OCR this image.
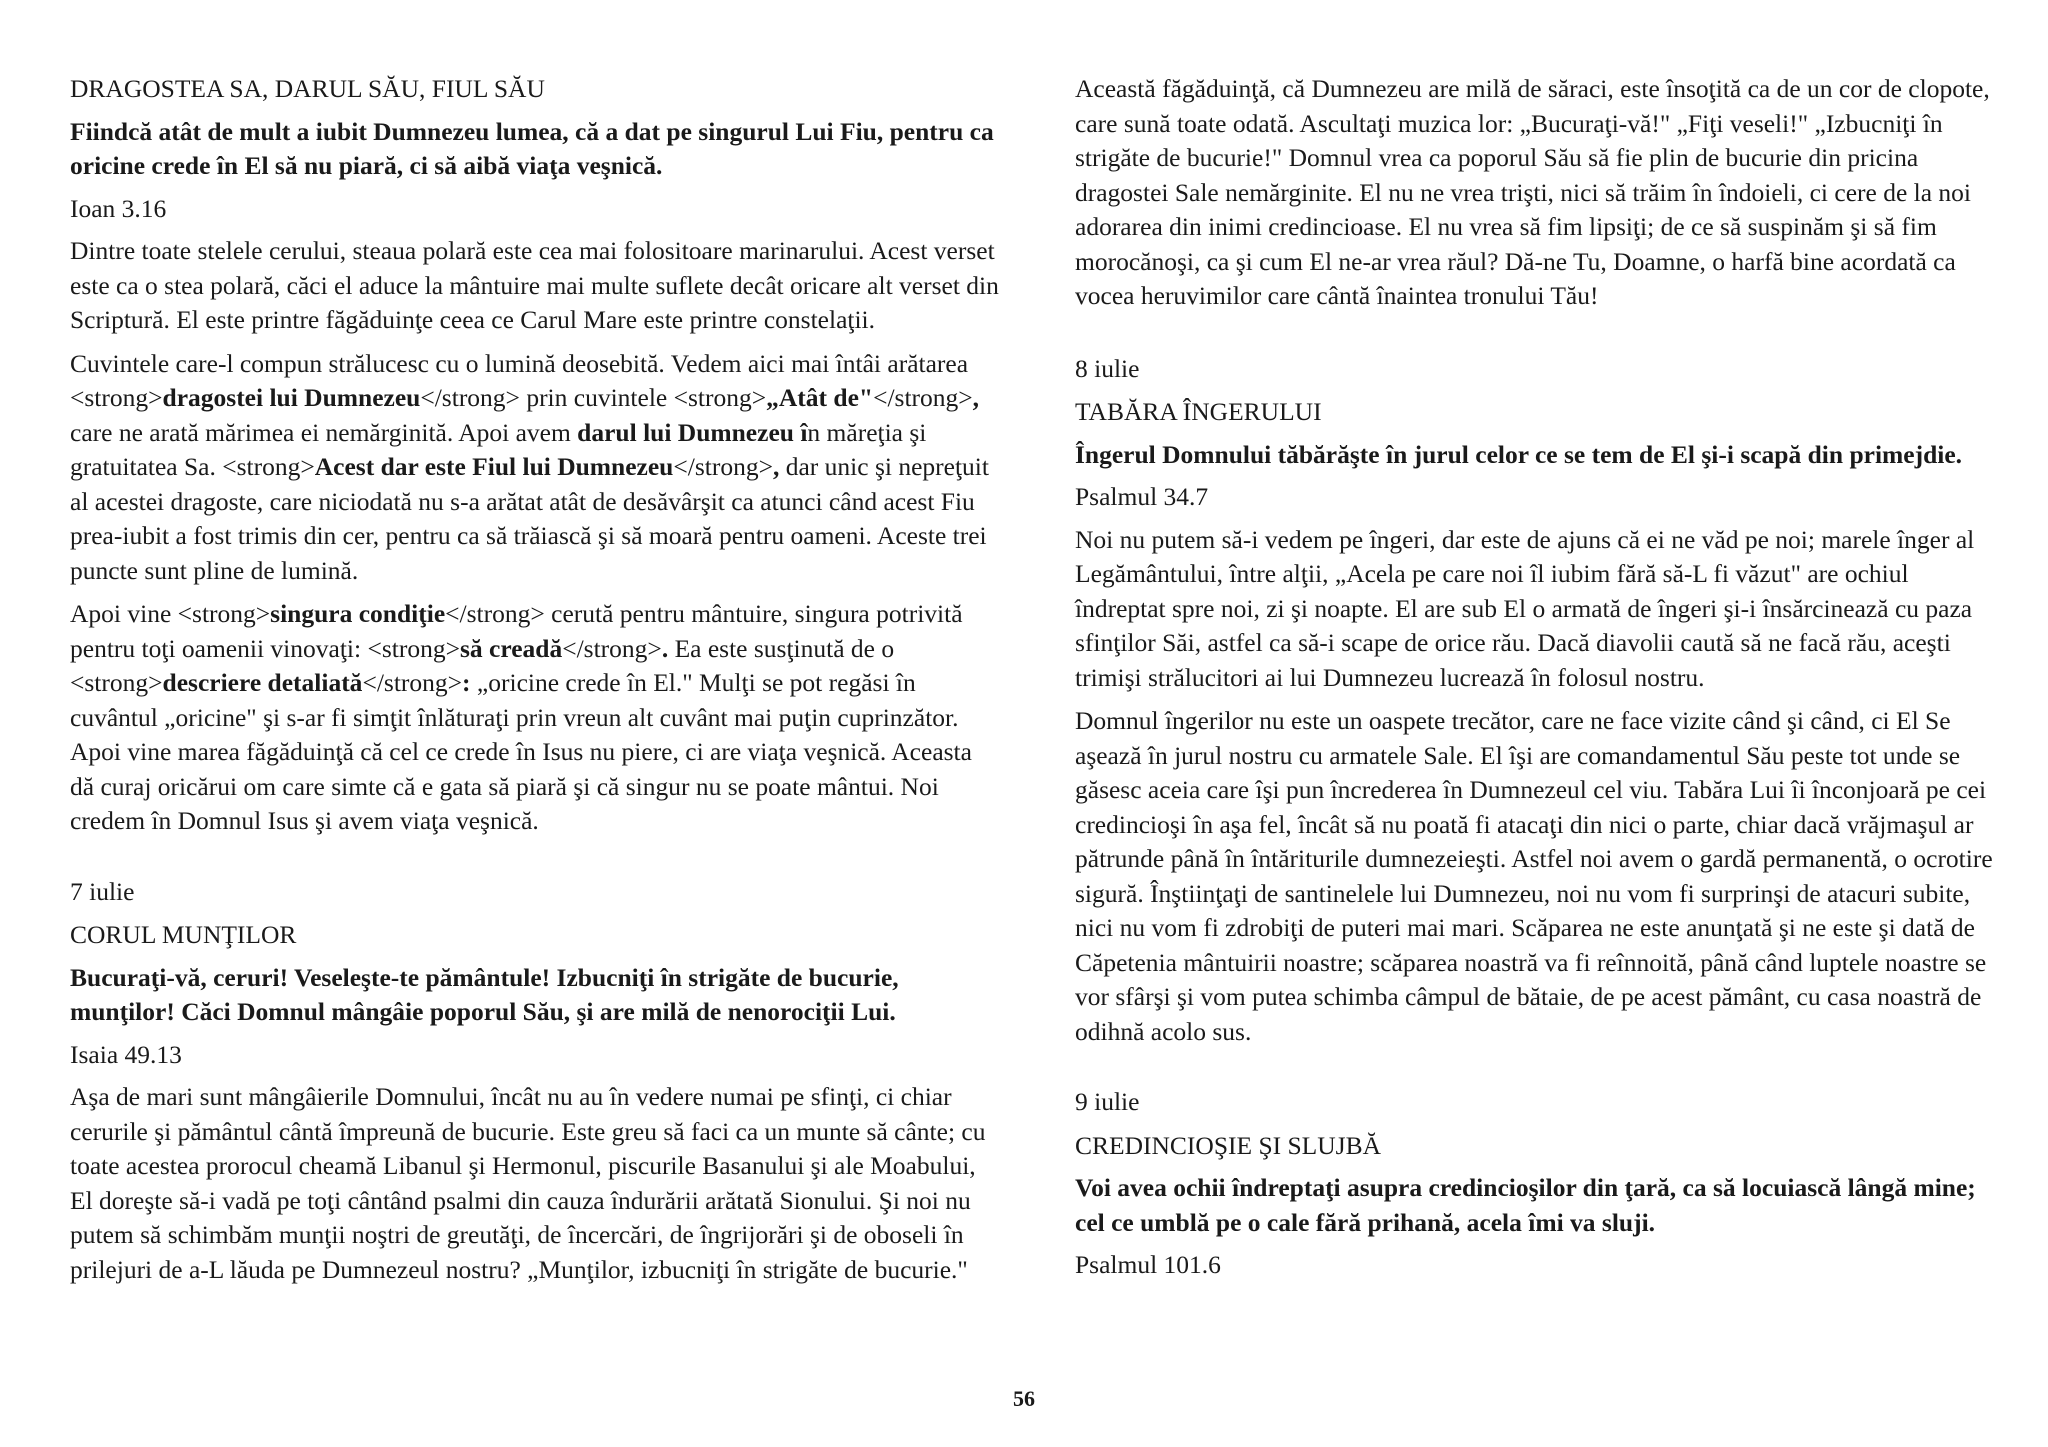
DRAGOSTEA SA, DARUL SĂU, FIUL SĂU

Fiindcă atât de mult a iubit Dumnezeu lumea, că a dat pe singurul Lui Fiu, pentru ca oricine crede în El să nu piară, ci să aibă viaţa veşnică.

Ioan 3.16

Dintre toate stelele cerului, steaua polară este cea mai folositoare marinarului. Acest verset este ca o stea polară, căci el aduce la mântuire mai multe suflete decât oricare alt verset din Scriptură. El este printre făgăduinţe ceea ce Carul Mare este printre constelaţii.

Cuvintele care-l compun strălucesc cu o lumină deosebită. Vedem aici mai întâi arătarea <strong>dragostei lui Dumnezeu</strong> prin cuvintele <strong>„Atât de"</strong>, care ne arată mărimea ei nemărginită. Apoi avem darul lui Dumnezeu în măreţia şi gratuitatea Sa. <strong>Acest dar este Fiul lui Dumnezeu</strong>, dar unic şi nepreţuit al acestei dragoste, care niciodată nu s-a arătat atât de desăvârşit ca atunci când acest Fiu prea-iubit a fost trimis din cer, pentru ca să trăiască şi să moară pentru oameni. Aceste trei puncte sunt pline de lumină.

Apoi vine <strong>singura condiţie</strong> cerută pentru mântuire, singura potrivită pentru toţi oamenii vinovaţi: <strong>să creadă</strong>. Ea este susţinută de o <strong>descriere detaliată</strong>: „oricine crede în El." Mulţi se pot regăsi în cuvântul „oricine" şi s-ar fi simţit înlăturaţi prin vreun alt cuvânt mai puţin cuprinzător. Apoi vine marea făgăduinţă că cel ce crede în Isus nu piere, ci are viaţa veşnică. Aceasta dă curaj oricărui om care simte că e gata să piară şi că singur nu se poate mântui. Noi credem în Domnul Isus şi avem viaţa veşnică.

7 iulie

CORUL MUNŢILOR

Bucuraţi-vă, ceruri! Veseleşte-te pământule! Izbucniţi în strigăte de bucurie, munţilor! Căci Domnul mângâie poporul Său, şi are milă de nenorociţii Lui.

Isaia 49.13

Aşa de mari sunt mângâierile Domnului, încât nu au în vedere numai pe sfinţi, ci chiar cerurile şi pământul cântă împreună de bucurie. Este greu să faci ca un munte să cânte; cu toate acestea prorocul cheamă Libanul şi Hermonul, piscurile Basanului şi ale Moabului, El doreşte să-i vadă pe toţi cântând psalmi din cauza îndurării arătată Sionului. Şi noi nu putem să schimbăm munţii noştri de greutăţi, de încercări, de îngrijorări şi de oboseli în prilejuri de a-L lăuda pe Dumnezeul nostru? „Munţilor, izbucniţi în strigăte de bucurie."

Această făgăduinţă, că Dumnezeu are milă de săraci, este însoţită ca de un cor de clopote, care sună toate odată. Ascultaţi muzica lor: „Bucuraţi-vă!" „Fiţi veseli!" „Izbucniţi în strigăte de bucurie!" Domnul vrea ca poporul Său să fie plin de bucurie din pricina dragostei Sale nemărginite. El nu ne vrea trişti, nici să trăim în îndoieli, ci cere de la noi adorarea din inimi credincioase. El nu vrea să fim lipsiţi; de ce să suspinăm şi să fim morocănoşi, ca şi cum El ne-ar vrea răul? Dă-ne Tu, Doamne, o harfă bine acordată ca vocea heruvimilor care cântă înaintea tronului Tău!

8 iulie

TABĂRA ÎNGERULUI

Îngerul Domnului tăbărăşte în jurul celor ce se tem de El şi-i scapă din primejdie.

Psalmul 34.7

Noi nu putem să-i vedem pe îngeri, dar este de ajuns că ei ne văd pe noi; marele înger al Legământului, între alţii, „Acela pe care noi îl iubim fără să-L fi văzut" are ochiul îndreptat spre noi, zi şi noapte. El are sub El o armată de îngeri şi-i însărcinează cu paza sfinţilor Săi, astfel ca să-i scape de orice rău. Dacă diavolii caută să ne facă rău, aceşti trimişi strălucitori ai lui Dumnezeu lucrează în folosul nostru.

Domnul îngerilor nu este un oaspete trecător, care ne face vizite când şi când, ci El Se aşează în jurul nostru cu armatele Sale. El îşi are comandamentul Său peste tot unde se găsesc aceia care îşi pun încrederea în Dumnezeul cel viu. Tabăra Lui îi înconjoară pe cei credincioşi în aşa fel, încât să nu poată fi atacaţi din nici o parte, chiar dacă vrăjmaşul ar pătrunde până în întăriturile dumnezeieşti. Astfel noi avem o gardă permanentă, o ocrotire sigură. Înştiinţaţi de santinelele lui Dumnezeu, noi nu vom fi surprinşi de atacuri subite, nici nu vom fi zdrobiţi de puteri mai mari. Scăparea ne este anunţată şi ne este şi dată de Căpetenia mântuirii noastre; scăparea noastră va fi reînnoită, până când luptele noastre se vor sfârşi şi vom putea schimba câmpul de bătaie, de pe acest pământ, cu casa noastră de odihnă acolo sus.

9 iulie

CREDINCIOŞIE ŞI SLUJBĂ

Voi avea ochii îndreptaţi asupra credincioşilor din ţară, ca să locuiască lângă mine; cel ce umblă pe o cale fără prihană, acela îmi va sluji.

Psalmul 101.6

56
